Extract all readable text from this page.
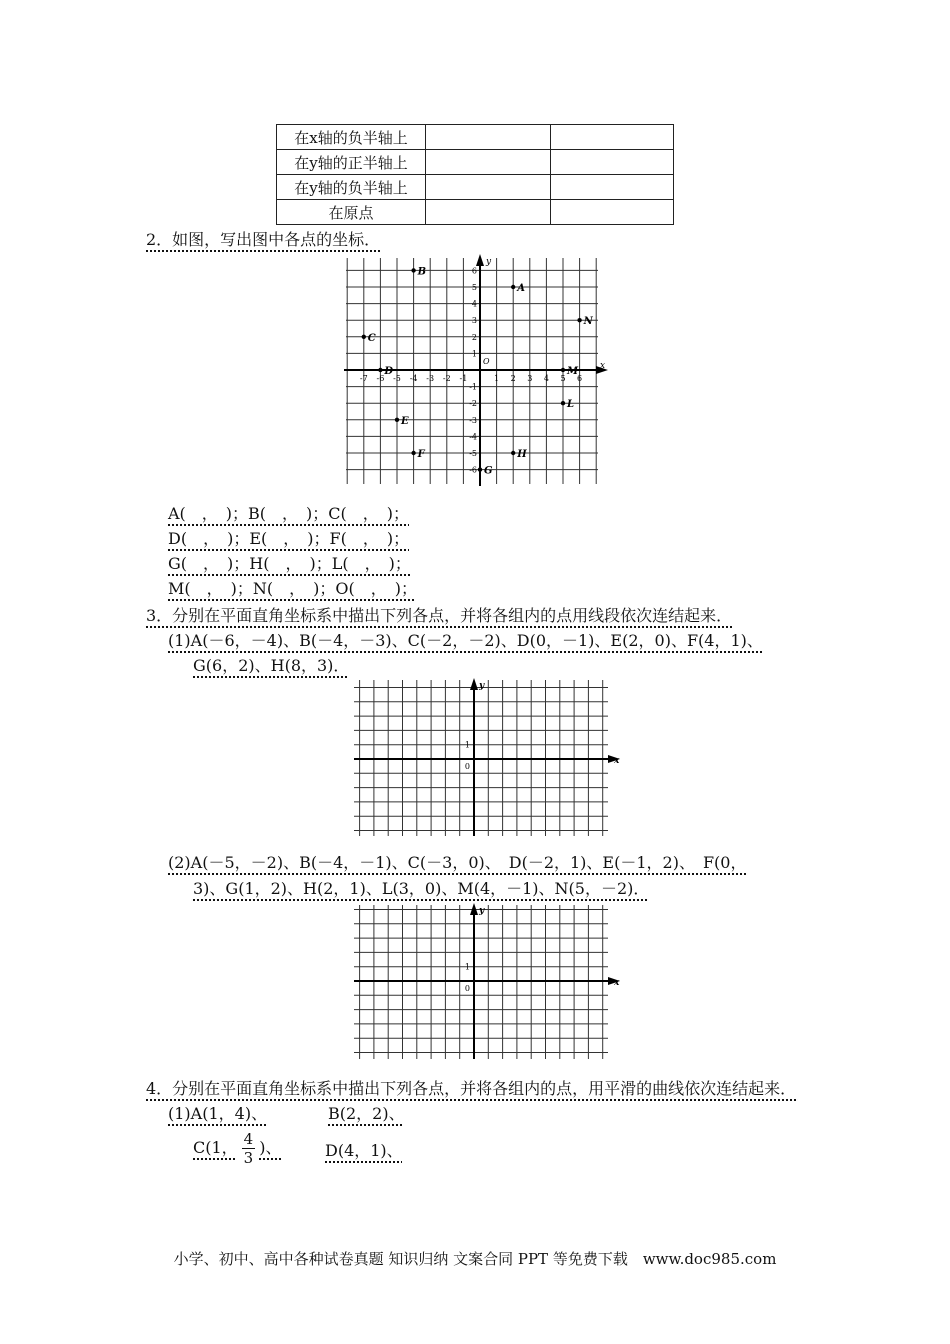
在x轴的负半轴上		
在y轴的正半轴上		
在y轴的负半轴上		
在原点		
2．如图，写出图中各点的坐标．
x
y
O
-7 -6 -5 -4 -3 -2 -1	1 2 3 4 5 6
6
5
4
3
2
1
-1
-2
-3
-4
-5
-6
A
B
C
D
E
F
G
H
L
M
N
A(　，　)；B(　，　)；C(　，　)；
D(　，　)；E(　，　)；F(　，　)；
G(　，　)；H(　，　)；L(　，　)；
M(　，　)；N(　，　)；O(　，　)；
3．分别在平面直角坐标系中描出下列各点，并将各组内的点用线段依次连结起来．
(1)A(－6，－4)、B(－4，－3)、C(－2，－2)、D(0，－1)、E(2，0)、F(4，1)、
G(6，2)、H(8，3)．
x
y
1
0
(2)A(－5，－2)、B(－4，－1)、C(－3，0)、　D(－2，1)、E(－1，2)、　F(0，
3)、G(1，2)、H(2，1)、L(3，0)、M(4，－1)、N(5，－2)．
x
y
1
0
4．分别在平面直角坐标系中描出下列各点，并将各组内的点，用平滑的曲线依次连结起来．
(1)A(1，4)、	B(2，2)、
C(1， $\frac{4}{3}$ )、	D(4，1)、
小学、初中、高中各种试卷真题 知识归纳 文案合同 PPT 等免费下载　www.doc985.com
